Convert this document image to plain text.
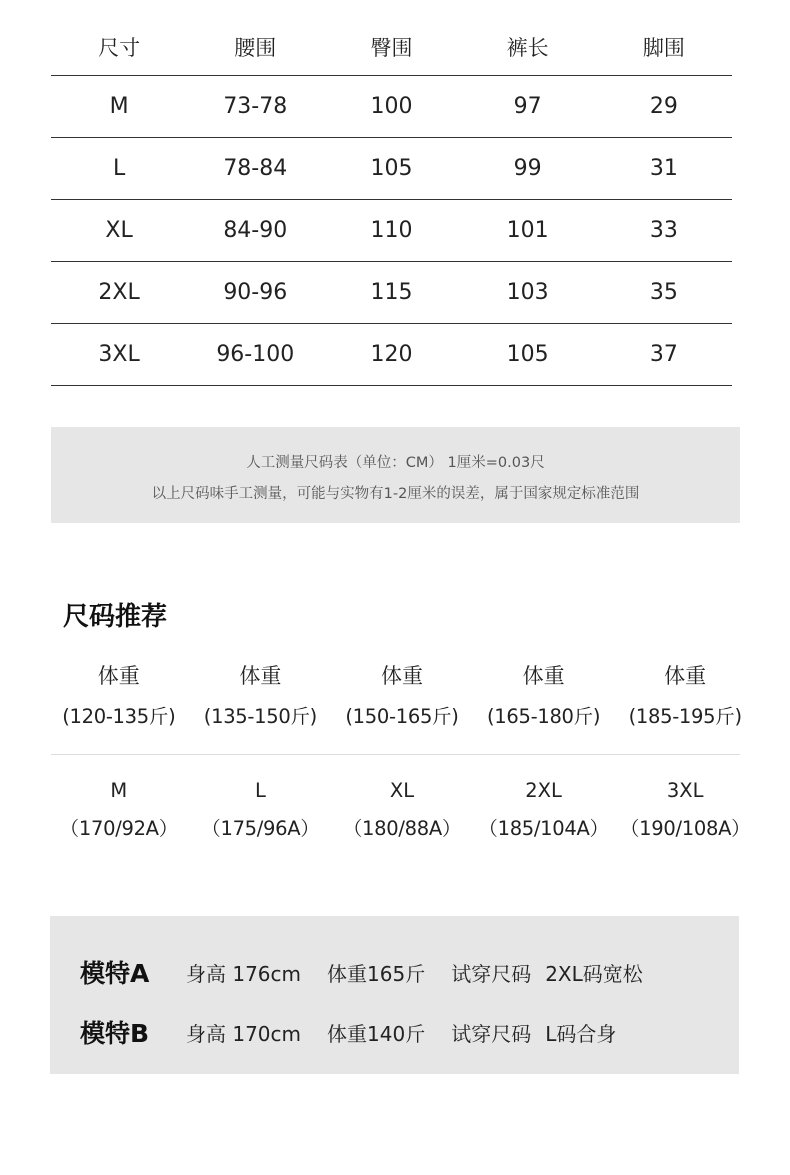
尺寸	腰围	臀围	裤长	脚围
M	73-78	100	97	29
L	78-84	105	99	31
XL	84-90	110	101	33
2XL	90-96	115	103	35
3XL	96-100	120	105	37
人工测量尺码表（单位：CM） 1厘米=0.03尺
以上尺码味手工测量，可能与实物有1-2厘米的误差，属于国家规定标准范围
尺码推荐
体重	体重	体重	体重	体重
(120-135斤)	(135-150斤)	(150-165斤)	(165-180斤)	(185-195斤)
M	L	XL	2XL	3XL
（170/92A）	（175/96A）	（180/88A） （185/104A） （190/108A）
模特A	身高 176cm 体重165斤 试穿尺码 2XL码宽松
模特B	身高 170cm 体重140斤 试穿尺码 L码合身
